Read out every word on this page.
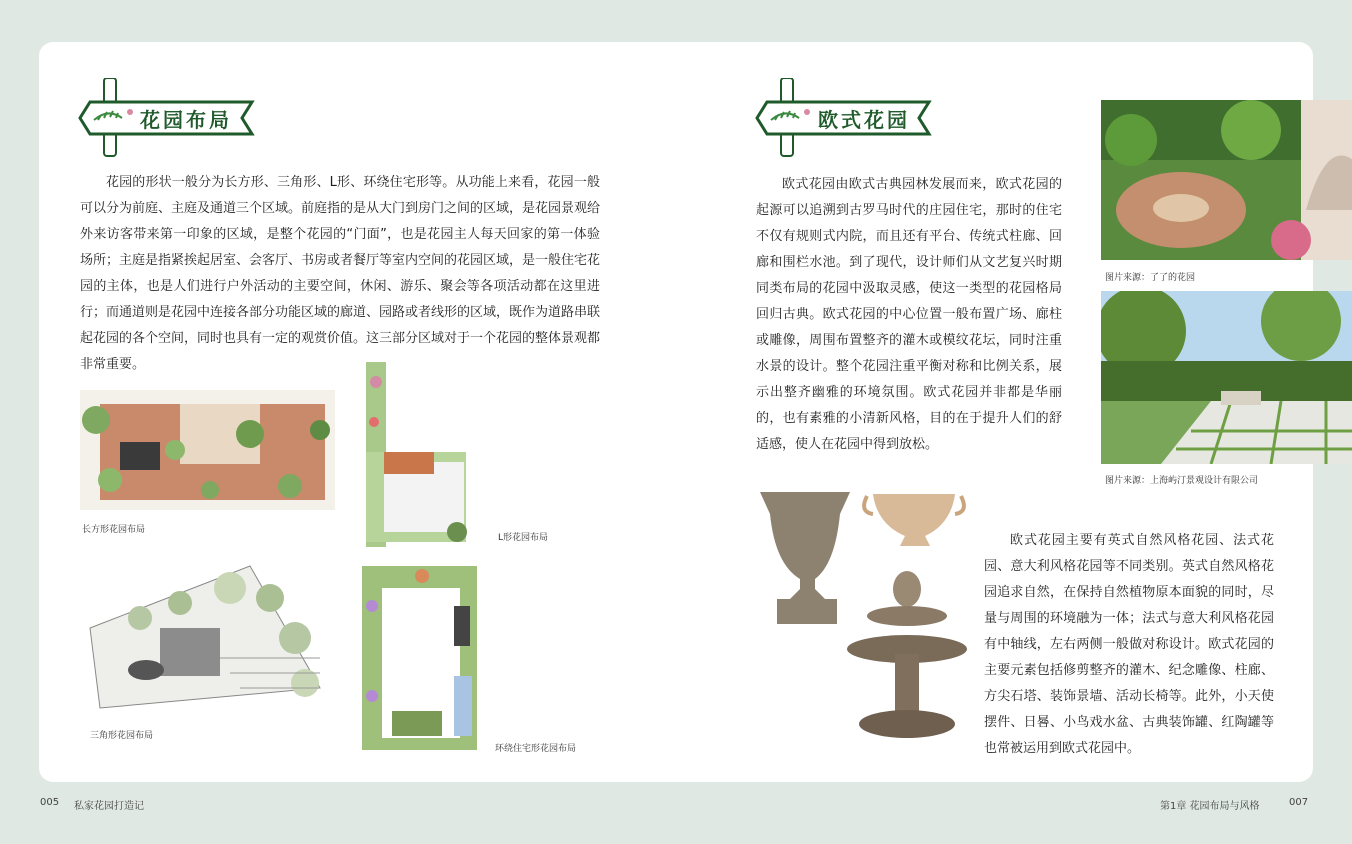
花园布局

花园的形状一般分为长方形、三角形、L形、环绕住宅形等。从功能上来看，花园一般可以分为前庭、主庭及通道三个区域。前庭指的是从大门到房门之间的区域，是花园景观给外来访客带来第一印象的区域，是整个花园的“门面”，也是花园主人每天回家的第一体验场所；主庭是指紧挨起居室、会客厅、书房或者餐厅等室内空间的花园区域，是一般住宅花园的主体，也是人们进行户外活动的主要空间，休闲、游乐、聚会等各项活动都在这里进行；而通道则是花园中连接各部分功能区域的廊道、园路或者线形的区域，既作为道路串联起花园的各个空间，同时也具有一定的观赏价值。这三部分区域对于一个花园的整体景观都非常重要。

长方形花园布局
L形花园布局
三角形花园布局
环绕住宅形花园布局
欧式花园

欧式花园由欧式古典园林发展而来，欧式花园的起源可以追溯到古罗马时代的庄园住宅，那时的住宅不仅有规则式内院，而且还有平台、传统式柱廊、回廊和围栏水池。到了现代，设计师们从文艺复兴时期同类布局的花园中汲取灵感，使这一类型的花园格局回归古典。欧式花园的中心位置一般布置广场、廊柱或雕像，周围布置整齐的灌木或模纹花坛，同时注重水景的设计。整个花园注重平衡对称和比例关系，展示出整齐幽雅的环境氛围。欧式花园并非都是华丽的，也有素雅的小清新风格，目的在于提升人们的舒适感，使人在花园中得到放松。

图片来源：了了的花园
图片来源：上海屿汀景观设计有限公司

欧式花园主要有英式自然风格花园、法式花园、意大利风格花园等不同类别。英式自然风格花园追求自然，在保持自然植物原本面貌的同时，尽量与周围的环境融为一体；法式与意大利风格花园有中轴线，左右两侧一般做对称设计。欧式花园的主要元素包括修剪整齐的灌木、纪念雕像、柱廊、方尖石塔、装饰景墙、活动长椅等。此外，小天使摆件、日晷、小鸟戏水盆、古典装饰罐、红陶罐等也常被运用到欧式花园中。

005 私家花园打造记	第1章 花园布局与风格	007
